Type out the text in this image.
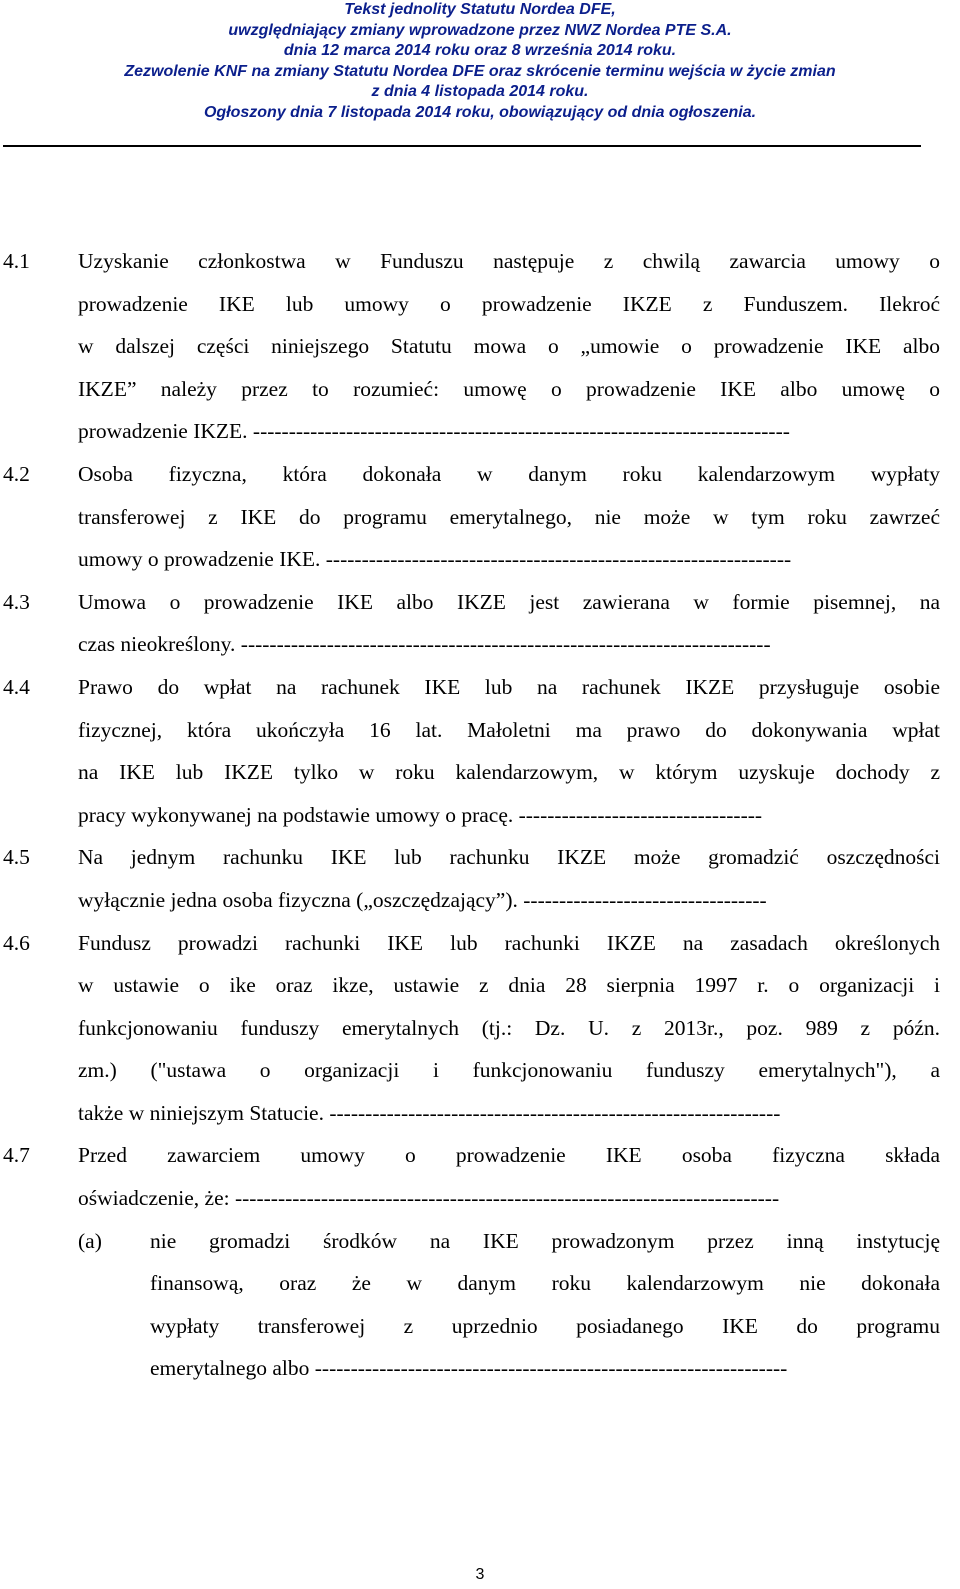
Tekst jednolity Statutu Nordea DFE,
uwzględniający zmiany wprowadzone przez NWZ Nordea PTE S.A.
dnia 12 marca 2014 roku oraz 8 września 2014 roku.
Zezwolenie KNF na zmiany Statutu Nordea DFE oraz skrócenie terminu wejścia w życie zmian
z dnia 4 listopada 2014 roku.
Ogłoszony dnia 7 listopada 2014 roku, obowiązujący od dnia ogłoszenia.
4.1 Uzyskanie członkostwa w Funduszu następuje z chwilą zawarcia umowy o
prowadzenie IKE lub umowy o prowadzenie IKZE z Funduszem. Ilekroć
w dalszej części niniejszego Statutu mowa o „umowie o prowadzenie IKE albo
IKZE” należy przez to rozumieć: umowę o prowadzenie IKE albo umowę o
prowadzenie IKZE. ---------------------------------------------------------------------------
4.2 Osoba fizyczna, która dokonała w danym roku kalendarzowym wypłaty
transferowej z IKE do programu emerytalnego, nie może w tym roku zawrzeć
umowy o prowadzenie IKE. -----------------------------------------------------------------
4.3 Umowa o prowadzenie IKE albo IKZE jest zawierana w formie pisemnej, na
czas nieokreślony. --------------------------------------------------------------------------
4.4 Prawo do wpłat na rachunek IKE lub na rachunek IKZE przysługuje osobie
fizycznej, która ukończyła 16 lat. Małoletni ma prawo do dokonywania wpłat
na IKE lub IKZE tylko w roku kalendarzowym, w którym uzyskuje dochody z
pracy wykonywanej na podstawie umowy o pracę. ----------------------------------
4.5 Na jednym rachunku IKE lub rachunku IKZE może gromadzić oszczędności
wyłącznie jedna osoba fizyczna („oszczędzający”). ----------------------------------
4.6 Fundusz prowadzi rachunki IKE lub rachunki IKZE na zasadach określonych
w ustawie o ike oraz ikze, ustawie z dnia 28 sierpnia 1997 r. o organizacji i
funkcjonowaniu funduszy emerytalnych (tj.: Dz. U. z 2013r., poz. 989 z późn.
zm.) ("ustawa o organizacji i funkcjonowaniu funduszy emerytalnych"), a
także w niniejszym Statucie. ---------------------------------------------------------------
4.7 Przed zawarciem umowy o prowadzenie IKE osoba fizyczna składa
oświadczenie, że: ----------------------------------------------------------------------------
(a) nie gromadzi środków na IKE prowadzonym przez inną instytucję
finansową, oraz że w danym roku kalendarzowym nie dokonała
wypłaty transferowej z uprzednio posiadanego IKE do programu
emerytalnego albo ------------------------------------------------------------------
3
